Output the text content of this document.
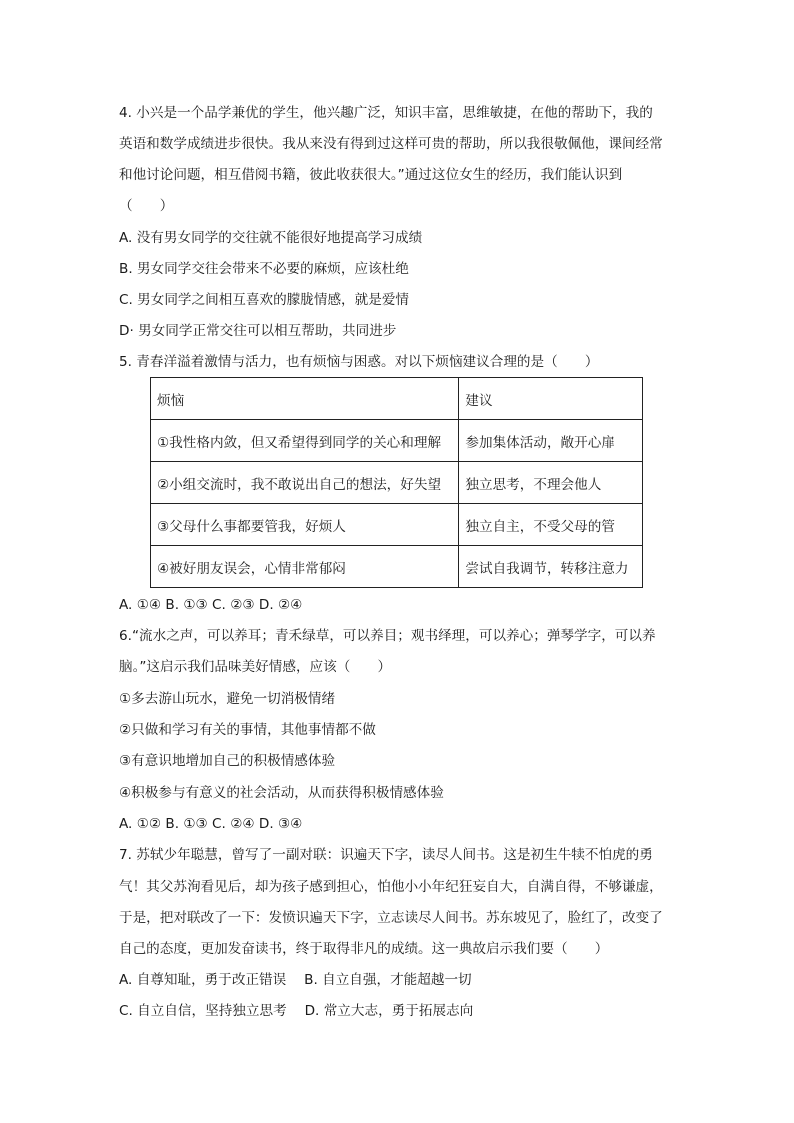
4. 小兴是一个品学兼优的学生，他兴趣广泛，知识丰富，思维敏捷，在他的帮助下，我的
英语和数学成绩进步很快。我从来没有得到过这样可贵的帮助，所以我很敬佩他，课间经常
和他讨论问题，相互借阅书籍，彼此收获很大。”通过这位女生的经历，我们能认识到
（　　）
A. 没有男女同学的交往就不能很好地提高学习成绩
B. 男女同学交往会带来不必要的麻烦，应该杜绝
C. 男女同学之间相互喜欢的朦胧情感，就是爱情
D· 男女同学正常交往可以相互帮助，共同进步
5. 青春洋溢着激情与活力，也有烦恼与困惑。对以下烦恼建议合理的是（　　）
烦恼	建议
①我性格内敛，但又希望得到同学的关心和理解	参加集体活动，敞开心扉
②小组交流时，我不敢说出自己的想法，好失望	独立思考，不理会他人
③父母什么事都要管我，好烦人	独立自主，不受父母的管
④被好朋友误会，心情非常郁闷	尝试自我调节，转移注意力
A. ①④ B. ①③ C. ②③ D. ②④
6.“流水之声，可以养耳；青禾绿草，可以养目；观书绎理，可以养心；弹琴学字，可以养
脑。”这启示我们品味美好情感，应该（　　）
①多去游山玩水，避免一切消极情绪
②只做和学习有关的事情，其他事情都不做
③有意识地增加自己的积极情感体验
④积极参与有意义的社会活动，从而获得积极情感体验
A. ①② B. ①③ C. ②④ D. ③④
7. 苏轼少年聪慧，曾写了一副对联：识遍天下字，读尽人间书。这是初生牛犊不怕虎的勇
气！其父苏洵看见后，却为孩子感到担心，怕他小小年纪狂妄自大，自满自得，不够谦虚，
于是，把对联改了一下：发愤识遍天下字，立志读尽人间书。苏东坡见了，脸红了，改变了
自己的态度，更加发奋读书，终于取得非凡的成绩。这一典故启示我们要（　　）
A. 自尊知耻，勇于改正错误　 B. 自立自强，才能超越一切
C. 自立自信，坚持独立思考　 D. 常立大志，勇于拓展志向
